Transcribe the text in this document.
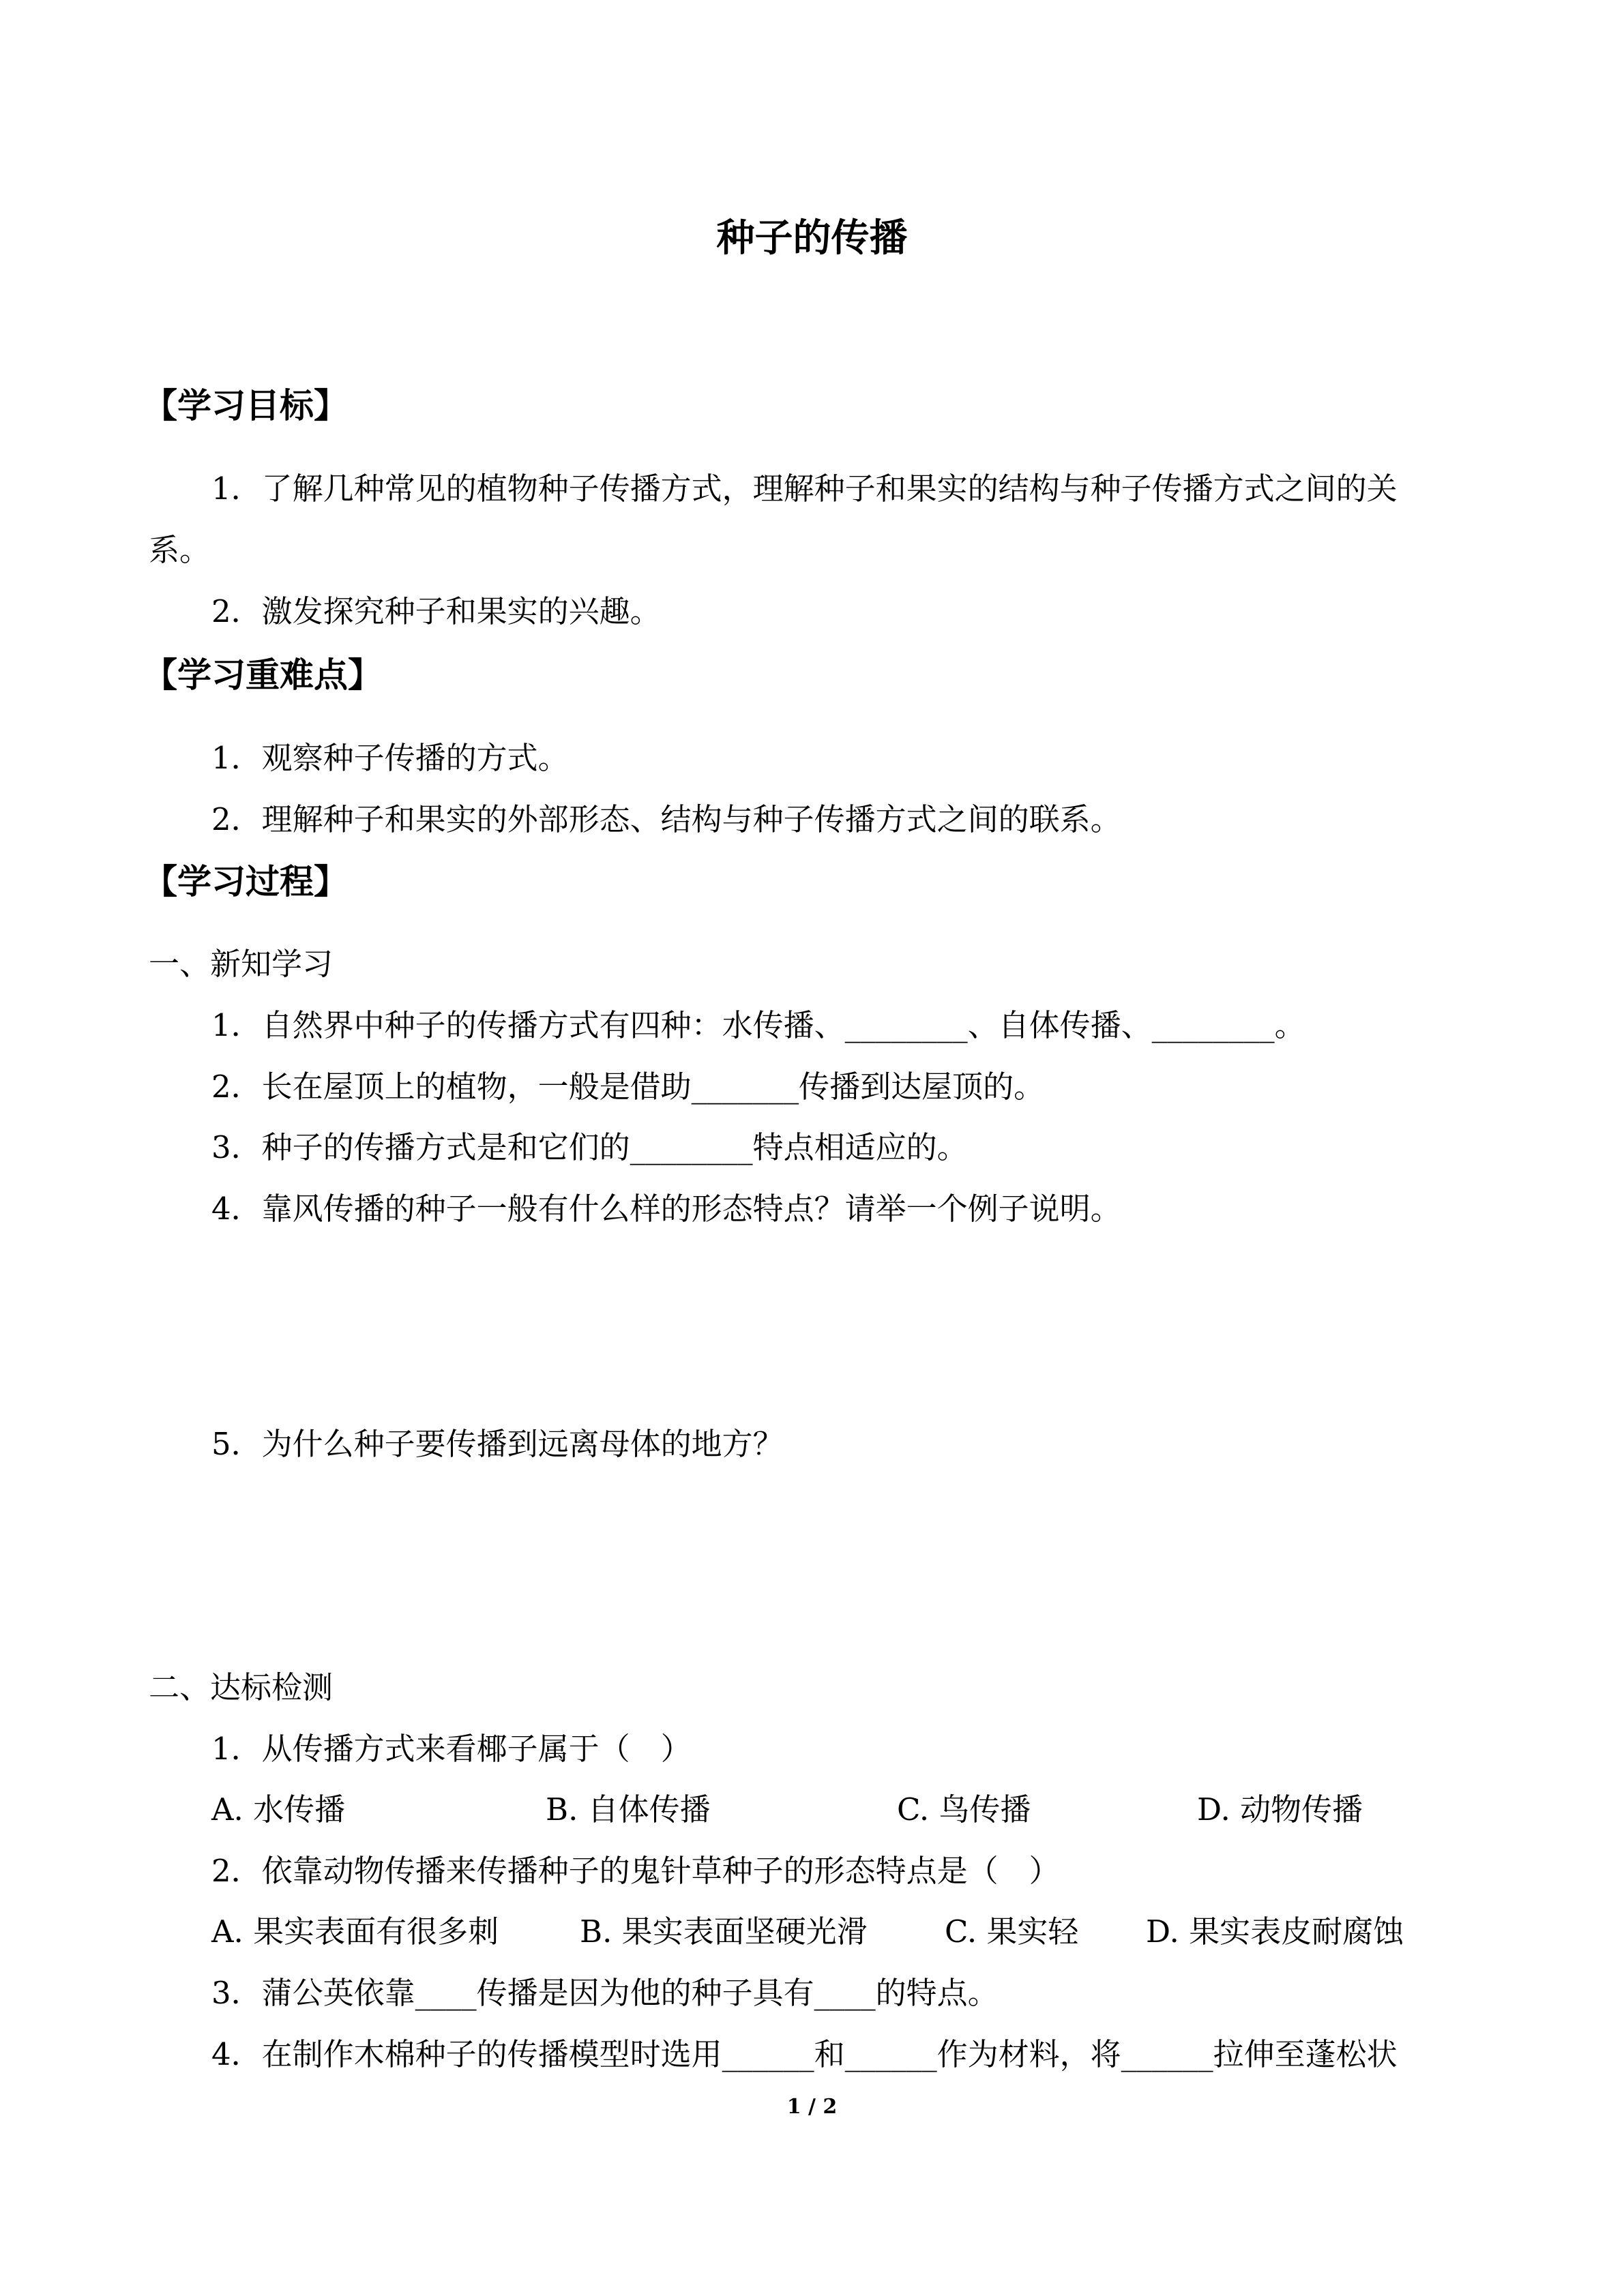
种子的传播
【学习目标】
1．了解几种常见的植物种子传播方式，理解种子和果实的结构与种子传播方式之间的关
系。
2．激发探究种子和果实的兴趣。
【学习重难点】
1．观察种子传播的方式。
2．理解种子和果实的外部形态、结构与种子传播方式之间的联系。
【学习过程】
一、新知学习
1．自然界中种子的传播方式有四种：水传播、________、自体传播、________。
2．长在屋顶上的植物，一般是借助_______传播到达屋顶的。
3．种子的传播方式是和它们的________特点相适应的。
4．靠风传播的种子一般有什么样的形态特点？请举一个例子说明。
5．为什么种子要传播到远离母体的地方？
二、达标检测
1．从传播方式来看椰子属于（　）
A. 水传播	B. 自体传播	C. 鸟传播	D. 动物传播
2．依靠动物传播来传播种子的鬼针草种子的形态特点是（　）
A. 果实表面有很多刺	B. 果实表面坚硬光滑	C. 果实轻 D. 果实表皮耐腐蚀
3．蒲公英依靠____传播是因为他的种子具有____的特点。
4．在制作木棉种子的传播模型时选用______和______作为材料，将______拉伸至蓬松状
1 / 2
